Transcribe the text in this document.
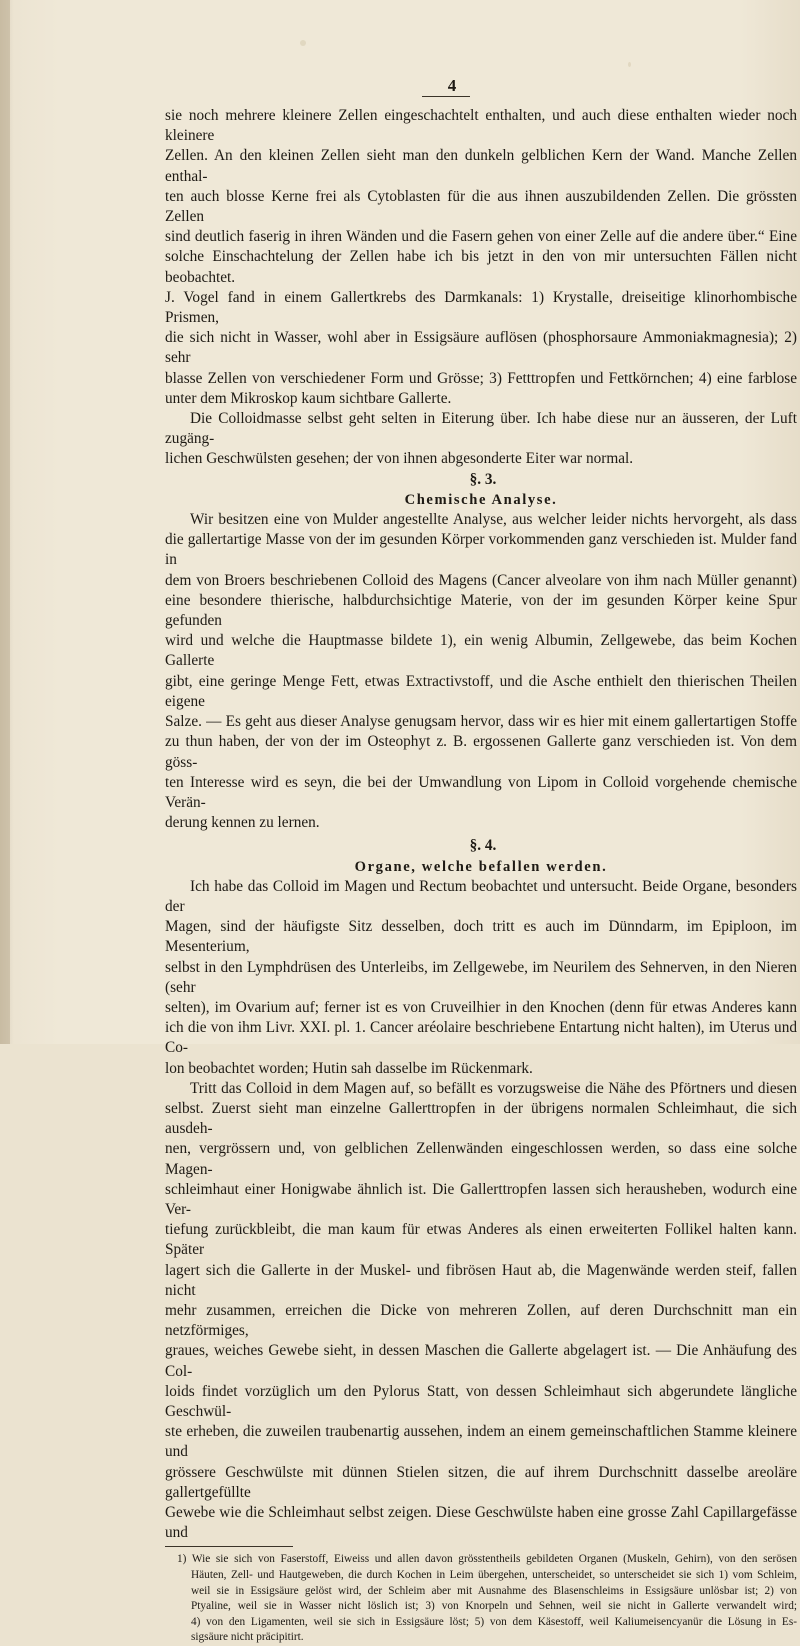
4

sie noch mehrere kleinere Zellen eingeschachtelt enthalten, und auch diese enthalten wieder noch kleinere

Zellen. An den kleinen Zellen sieht man den dunkeln gelblichen Kern der Wand. Manche Zellen enthal-

ten auch blosse Kerne frei als Cytoblasten für die aus ihnen auszubildenden Zellen. Die grössten Zellen

sind deutlich faserig in ihren Wänden und die Fasern gehen von einer Zelle auf die andere über.“ Eine

solche Einschachtelung der Zellen habe ich bis jetzt in den von mir untersuchten Fällen nicht beobachtet.

J. Vogel fand in einem Gallertkrebs des Darmkanals: 1) Krystalle, dreiseitige klinorhombische Prismen,

die sich nicht in Wasser, wohl aber in Essigsäure auflösen (phosphorsaure Ammoniakmagnesia); 2) sehr

blasse Zellen von verschiedener Form und Grösse; 3) Fetttropfen und Fettkörnchen; 4) eine farblose

unter dem Mikroskop kaum sichtbare Gallerte.

Die Colloidmasse selbst geht selten in Eiterung über. Ich habe diese nur an äusseren, der Luft zugäng-

lichen Geschwülsten gesehen; der von ihnen abgesonderte Eiter war normal.

§. 3.

Chemische Analyse.

Wir besitzen eine von Mulder angestellte Analyse, aus welcher leider nichts hervorgeht, als dass

die gallertartige Masse von der im gesunden Körper vorkommenden ganz verschieden ist. Mulder fand in

dem von Broers beschriebenen Colloid des Magens (Cancer alveolare von ihm nach Müller genannt)

eine besondere thierische, halbdurchsichtige Materie, von der im gesunden Körper keine Spur gefunden

wird und welche die Hauptmasse bildete 1), ein wenig Albumin, Zellgewebe, das beim Kochen Gallerte

gibt, eine geringe Menge Fett, etwas Extractivstoff, und die Asche enthielt den thierischen Theilen eigene

Salze. — Es geht aus dieser Analyse genugsam hervor, dass wir es hier mit einem gallertartigen Stoffe

zu thun haben, der von der im Osteophyt z. B. ergossenen Gallerte ganz verschieden ist. Von dem göss-

ten Interesse wird es seyn, die bei der Umwandlung von Lipom in Colloid vorgehende chemische Verän-

derung kennen zu lernen.

§. 4.

Organe, welche befallen werden.

Ich habe das Colloid im Magen und Rectum beobachtet und untersucht. Beide Organe, besonders der

Magen, sind der häufigste Sitz desselben, doch tritt es auch im Dünndarm, im Epiploon, im Mesenterium,

selbst in den Lymphdrüsen des Unterleibs, im Zellgewebe, im Neurilem des Sehnerven, in den Nieren (sehr

selten), im Ovarium auf; ferner ist es von Cruveilhier in den Knochen (denn für etwas Anderes kann

ich die von ihm Livr. XXI. pl. 1. Cancer aréolaire beschriebene Entartung nicht halten), im Uterus und Co-

lon beobachtet worden; Hutin sah dasselbe im Rückenmark.

Tritt das Colloid in dem Magen auf, so befällt es vorzugsweise die Nähe des Pförtners und diesen

selbst. Zuerst sieht man einzelne Gallerttropfen in der übrigens normalen Schleimhaut, die sich ausdeh-

nen, vergrössern und, von gelblichen Zellenwänden eingeschlossen werden, so dass eine solche Magen-

schleimhaut einer Honigwabe ähnlich ist. Die Gallerttropfen lassen sich herausheben, wodurch eine Ver-

tiefung zurückbleibt, die man kaum für etwas Anderes als einen erweiterten Follikel halten kann. Später

lagert sich die Gallerte in der Muskel- und fibrösen Haut ab, die Magenwände werden steif, fallen nicht

mehr zusammen, erreichen die Dicke von mehreren Zollen, auf deren Durchschnitt man ein netzförmiges,

graues, weiches Gewebe sieht, in dessen Maschen die Gallerte abgelagert ist. — Die Anhäufung des Col-

loids findet vorzüglich um den Pylorus Statt, von dessen Schleimhaut sich abgerundete längliche Geschwül-

ste erheben, die zuweilen traubenartig aussehen, indem an einem gemeinschaftlichen Stamme kleinere und

grössere Geschwülste mit dünnen Stielen sitzen, die auf ihrem Durchschnitt dasselbe areoläre gallertgefüllte

Gewebe wie die Schleimhaut selbst zeigen. Diese Geschwülste haben eine grosse Zahl Capillargefässe und

1) Wie sie sich von Faserstoff, Eiweiss und allen davon grösstentheils gebildeten Organen (Muskeln, Gehirn), von den serösen

Häuten, Zell- und Hautgeweben, die durch Kochen in Leim übergehen, unterscheidet, so unterscheidet sie sich 1) vom Schleim,

weil sie in Essigsäure gelöst wird, der Schleim aber mit Ausnahme des Blasenschleims in Essigsäure unlösbar ist; 2) von

Ptyaline, weil sie in Wasser nicht löslich ist; 3) von Knorpeln und Sehnen, weil sie nicht in Gallerte verwandelt wird;

4) von den Ligamenten, weil sie sich in Essigsäure löst; 5) von dem Käsestoff, weil Kaliumeisencyanür die Lösung in Es-

sigsäure nicht präcipitirt.
